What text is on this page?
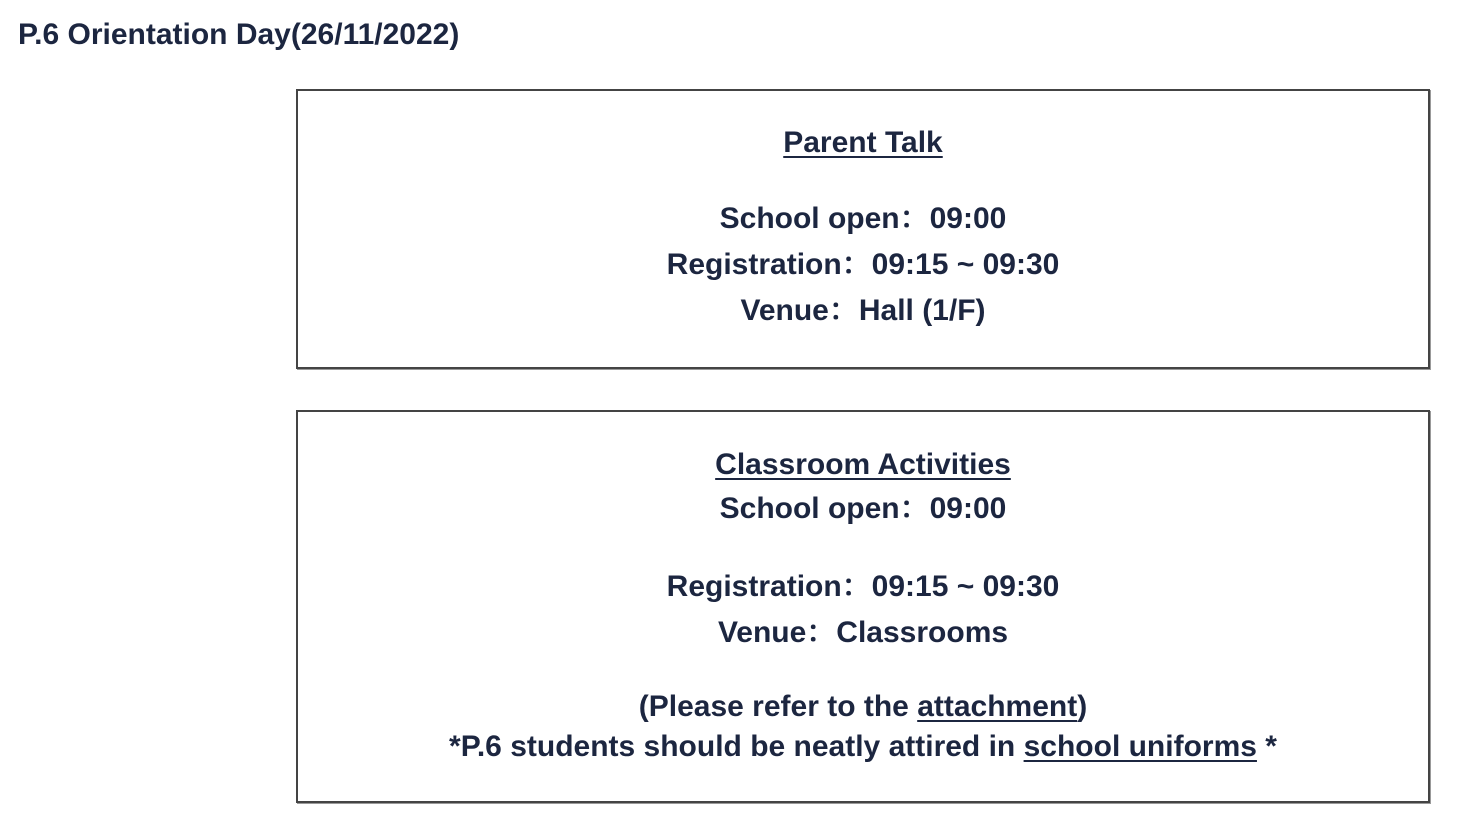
P.6 Orientation Day(26/11/2022)
Parent Talk
School open：09:00
Registration：09:15 ~ 09:30
Venue：Hall (1/F)
Classroom Activities
School open：09:00
Registration：09:15 ~ 09:30
Venue：Classrooms
(Please refer to the attachment)
*P.6 students should be neatly attired in school uniforms *
